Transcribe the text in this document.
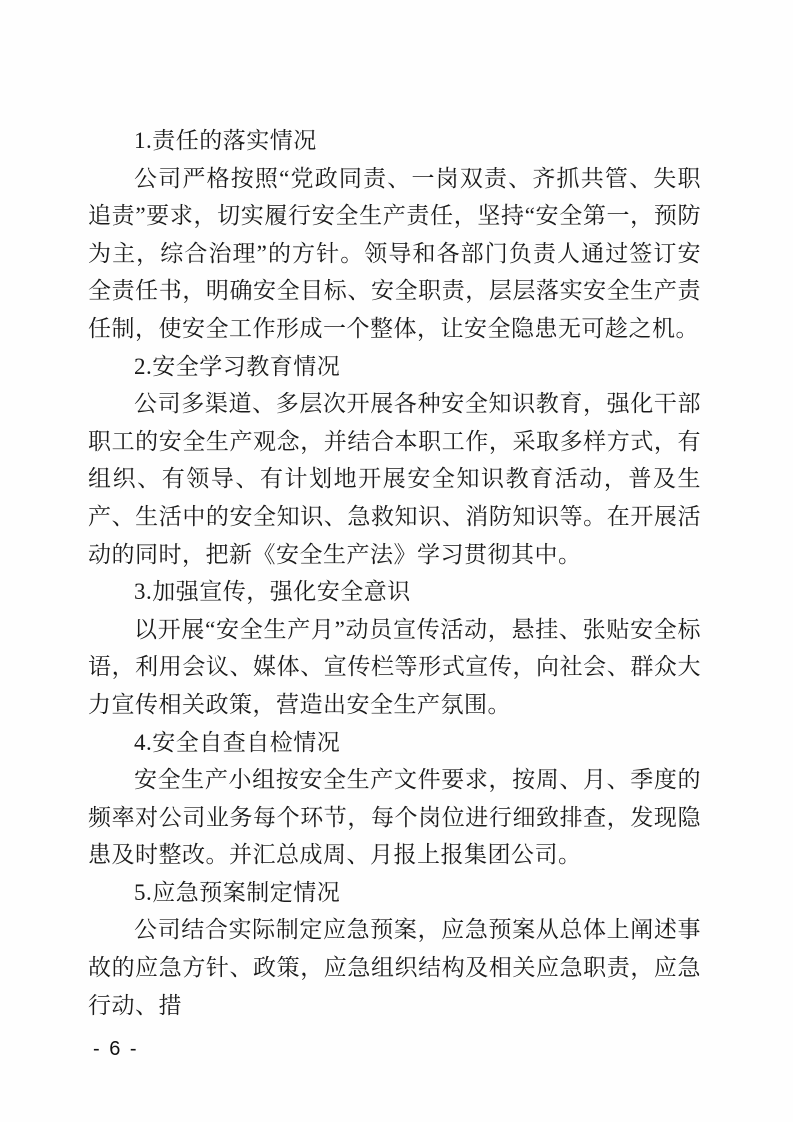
1.责任的落实情况

公司严格按照“党政同责、一岗双责、齐抓共管、失职追责”要求，切实履行安全生产责任，坚持“安全第一，预防为主，综合治理”的方针。领导和各部门负责人通过签订安全责任书，明确安全目标、安全职责，层层落实安全生产责任制，使安全工作形成一个整体，让安全隐患无可趁之机。

2.安全学习教育情况

公司多渠道、多层次开展各种安全知识教育，强化干部职工的安全生产观念，并结合本职工作，采取多样方式，有组织、有领导、有计划地开展安全知识教育活动，普及生产、生活中的安全知识、急救知识、消防知识等。在开展活动的同时，把新《安全生产法》学习贯彻其中。

3.加强宣传，强化安全意识

以开展“安全生产月”动员宣传活动，悬挂、张贴安全标语，利用会议、媒体、宣传栏等形式宣传，向社会、群众大力宣传相关政策，营造出安全生产氛围。

4.安全自查自检情况

安全生产小组按安全生产文件要求，按周、月、季度的频率对公司业务每个环节，每个岗位进行细致排查，发现隐患及时整改。并汇总成周、月报上报集团公司。

5.应急预案制定情况

公司结合实际制定应急预案，应急预案从总体上阐述事故的应急方针、政策，应急组织结构及相关应急职责，应急行动、措

- 6 -
